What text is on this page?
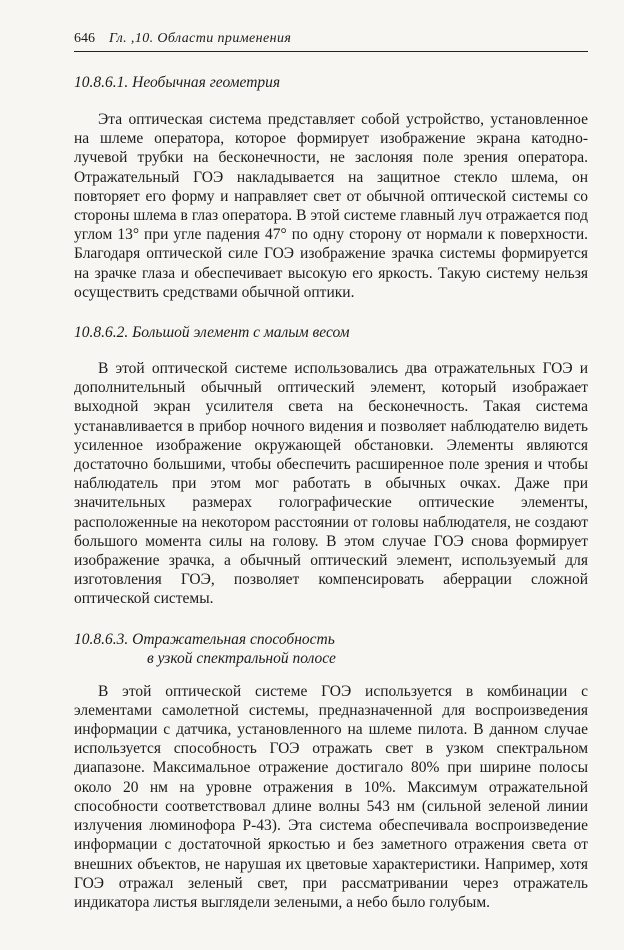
646 Гл. ,10. Области применения
10.8.6.1. Необычная геометрия

Эта оптическая система представляет собой устройство, установленное на шлеме оператора, которое формирует изображение экрана катодно-лучевой трубки на бесконечности, не заслоняя поле зрения оператора. Отражательный ГОЭ накладывается на защитное стекло шлема, он повторяет его форму и направляет свет от обычной оптической системы со стороны шлема в глаз оператора. В этой системе главный луч отражается под углом 13° при угле падения 47° по одну сторону от нормали к поверхности. Благодаря оптической силе ГОЭ изображение зрачка системы формируется на зрачке глаза и обеспечивает высокую его яркость. Такую систему нельзя осуществить средствами обычной оптики.

10.8.6.2. Большой элемент с малым весом

В этой оптической системе использовались два отражательных ГОЭ и дополнительный обычный оптический элемент, который изображает выходной экран усилителя света на бесконечность. Такая система устанавливается в прибор ночного видения и позволяет наблюдателю видеть усиленное изображение окружающей обстановки. Элементы являются достаточно большими, чтобы обеспечить расширенное поле зрения и чтобы наблюдатель при этом мог работать в обычных очках. Даже при значительных размерах голографические оптические элементы, расположенные на некотором расстоянии от головы наблюдателя, не создают большого момента силы на голову. В этом случае ГОЭ снова формирует изображение зрачка, а обычный оптический элемент, используемый для изготовления ГОЭ, позволяет компенсировать аберрации сложной оптической системы.

10.8.6.3. Отражательная способность
в узкой спектральной полосе

В этой оптической системе ГОЭ используется в комбинации с элементами самолетной системы, предназначенной для воспроизведения информации с датчика, установленного на шлеме пилота. В данном случае используется способность ГОЭ отражать свет в узком спектральном диапазоне. Максимальное отражение достигало 80% при ширине полосы около 20 нм на уровне отражения в 10%. Максимум отражательной способности соответствовал длине волны 543 нм (сильной зеленой линии излучения люминофора Р-43). Эта система обеспечивала воспроизведение информации с достаточной яркостью и без заметного отражения света от внешних объектов, не нарушая их цветовые характеристики. Например, хотя ГОЭ отражал зеленый свет, при рассматривании через отражатель индикатора листья выглядели зелеными, а небо было голубым.
